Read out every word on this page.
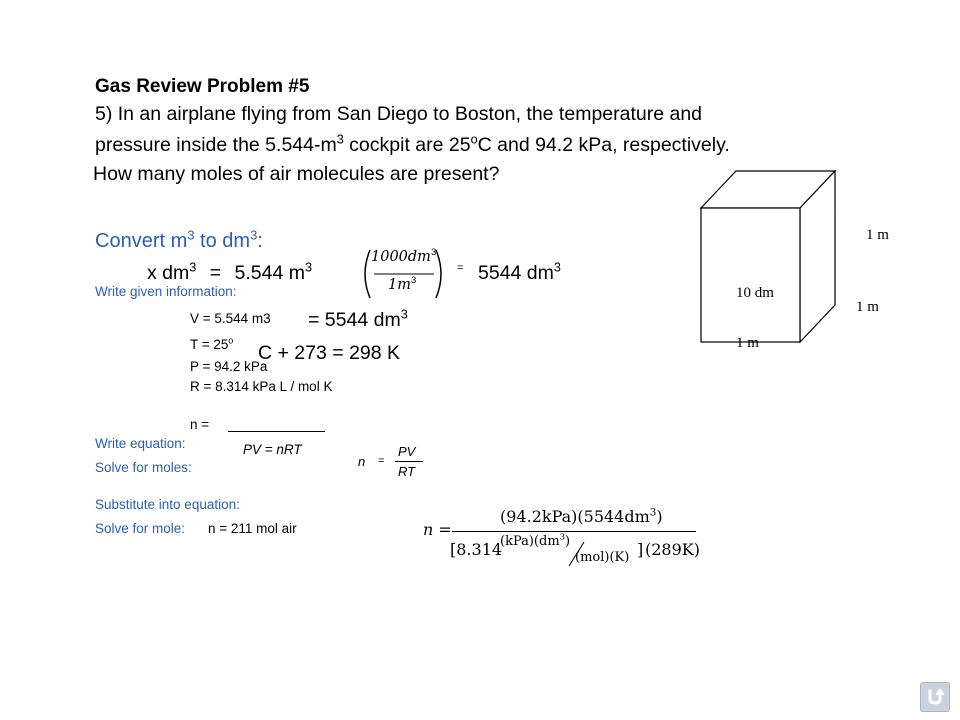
Gas Review Problem #5
5) In an airplane flying from San Diego to Boston, the temperature and
pressure inside the $5.544-m^3$ cockpit are 25$^o$C and 94.2 kPa, respectively.
How many moles of air molecules are present?
Convert $m^3$ to $dm^3$:
x $dm^3 = 5.544$ $m^3$
$1000dm^3$
$1m^3$
= 5544 $dm^3$
Write given information:
V = 5.544 m3 = 5544 $dm^3$
$T = 25^o$
C + 273 = 298 K
P = 94.2 kPa
R = 8.314 kPa L / mol K
n =
Write equation:	PV = nRT
Solve for moles:	n =
PV
RT
Substitute into equation:
Solve for mole: n = 211 mol air	n =
$(94.2kPa)(5544dm^3)$
[8.314
$(kPa)(dm^3)$
(mol)(K) ] (289K)
1 m
10 dm
1 m
1 m
